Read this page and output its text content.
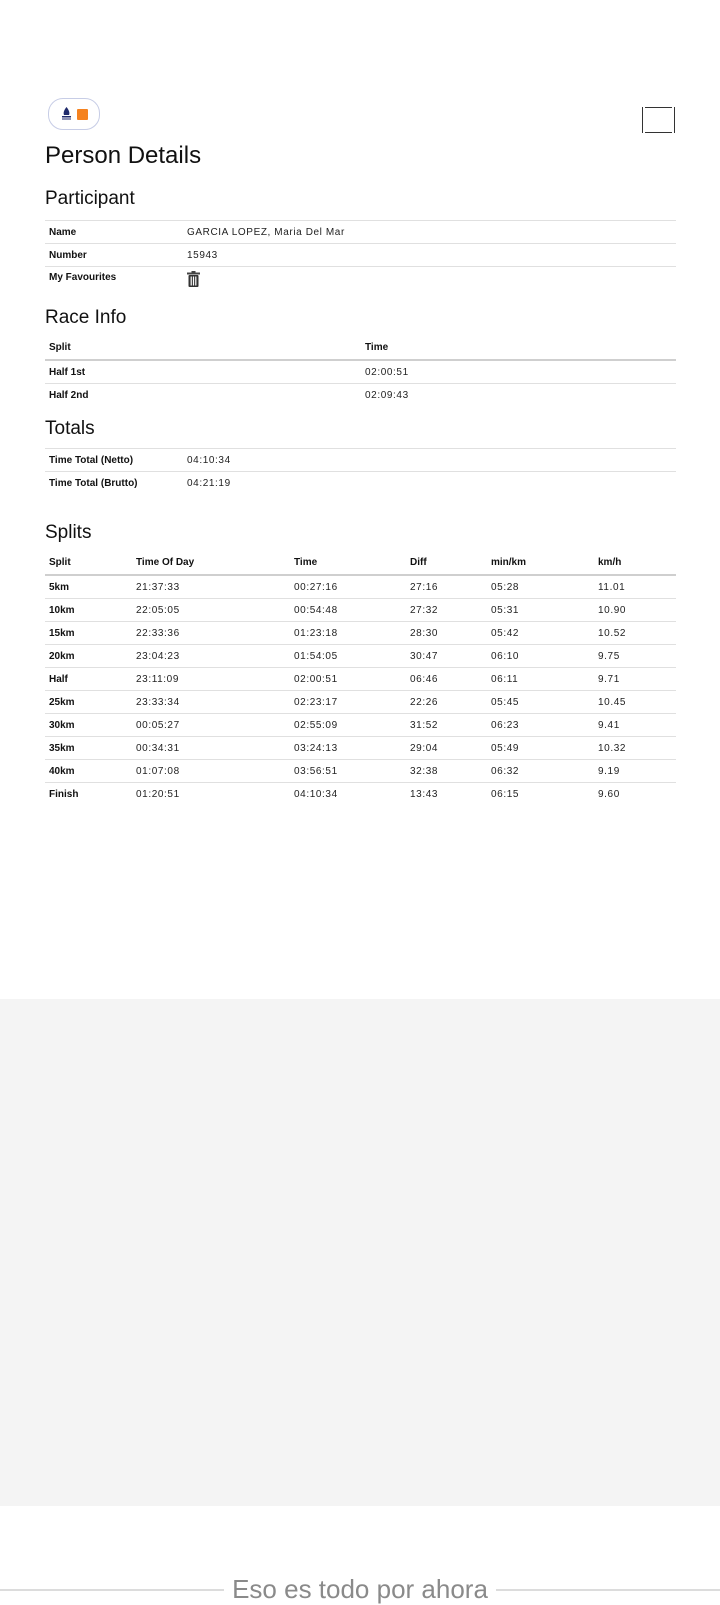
Person Details
Participant
Name	GARCIA LOPEZ, Maria Del Mar
Number	15943
My Favourites	
Race Info
Split	Time
Half 1st	02:00:51
Half 2nd	02:09:43
Totals
Time Total (Netto)	04:10:34
Time Total (Brutto)	04:21:19
Splits
Split	Time Of Day	Time	Diff	min/km	km/h
5km	21:37:33	00:27:16	27:16	05:28	11.01
10km	22:05:05	00:54:48	27:32	05:31	10.90
15km	22:33:36	01:23:18	28:30	05:42	10.52
20km	23:04:23	01:54:05	30:47	06:10	9.75
Half	23:11:09	02:00:51	06:46	06:11	9.71
25km	23:33:34	02:23:17	22:26	05:45	10.45
30km	00:05:27	02:55:09	31:52	06:23	9.41
35km	00:34:31	03:24:13	29:04	05:49	10.32
40km	01:07:08	03:56:51	32:38	06:32	9.19
Finish	01:20:51	04:10:34	13:43	06:15	9.60
Eso es todo por ahora
